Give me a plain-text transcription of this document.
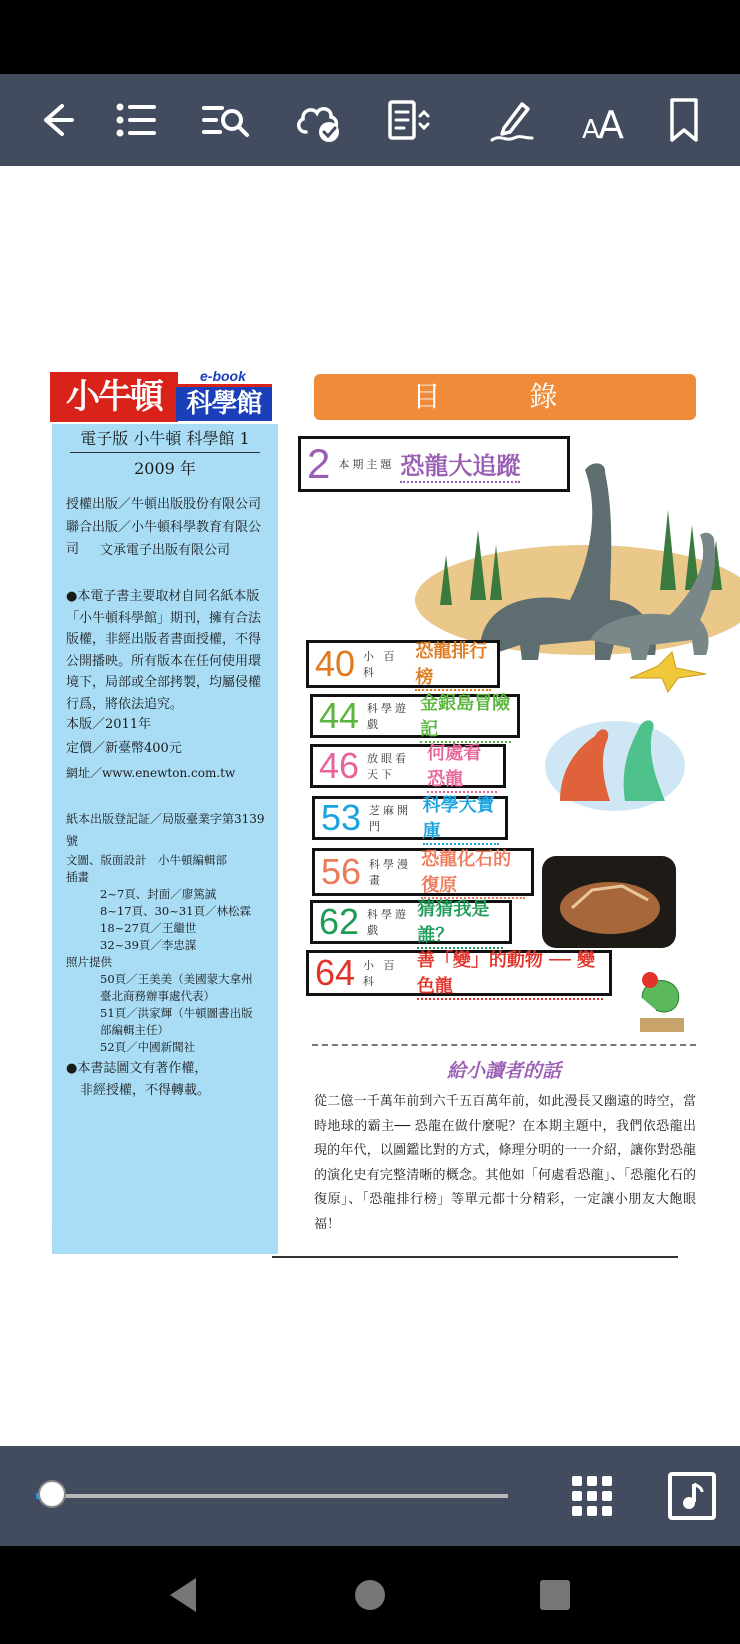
A
A
小牛頓
e-book
科學館
電子版 小牛頓 科學館 1
2009 年
授權出版／牛頓出版股份有限公司
聯合出版／小牛頓科學教育有限公司	文承電子出版有限公司
●本電子書主要取材自同名紙本版「小牛頓科學館」期刊，擁有合法版權，非經出版者書面授權，不得公開播映。所有版本在任何使用環境下，局部或全部拷製，均屬侵權行爲，將依法追究。
本版／2011年
定價／新臺幣400元
網址／www.enewton.com.tw
紙本出版登記証／局版臺業字第3139號
文圖、版面設計　小牛頓編輯部
插畫
2~7頁、封面／廖篤誠
8~17頁、30~31頁／林松霖
18~27頁／王繼世
32~39頁／李忠謀
照片提供
50頁／王美美（美國蒙大拿州
臺北商務辦事處代表）
51頁／洪家輝（牛頓圖書出版
部編輯主任）
52頁／中國新聞社
●本書誌圖文有著作權，
非經授權，不得轉載。
目 錄
2 本期主題 恐龍大追蹤
40 小 百 科
恐龍排行榜
44 科學遊戲
金銀島冒險記
46 放眼看天下
何處看恐龍
53 芝麻開門
科學大寶庫
56 科學漫畫
恐龍化石的復原
62 科學遊戲
猜猜我是誰？
64 小 百 科
善「變」的動物 ── 變色龍
給小讀者的話
從二億一千萬年前到六千五百萬年前，如此漫長又幽遠的時空，當時地球的霸主── 恐龍在做什麼呢？在本期主題中，我們依恐龍出現的年代，以圖鑑比對的方式，條理分明的一一介紹，讓你對恐龍的演化史有完整清晰的概念。其他如「何處看恐龍」、「恐龍化石的復原」、「恐龍排行榜」等單元都十分精彩，一定讓小朋友大飽眼福！
